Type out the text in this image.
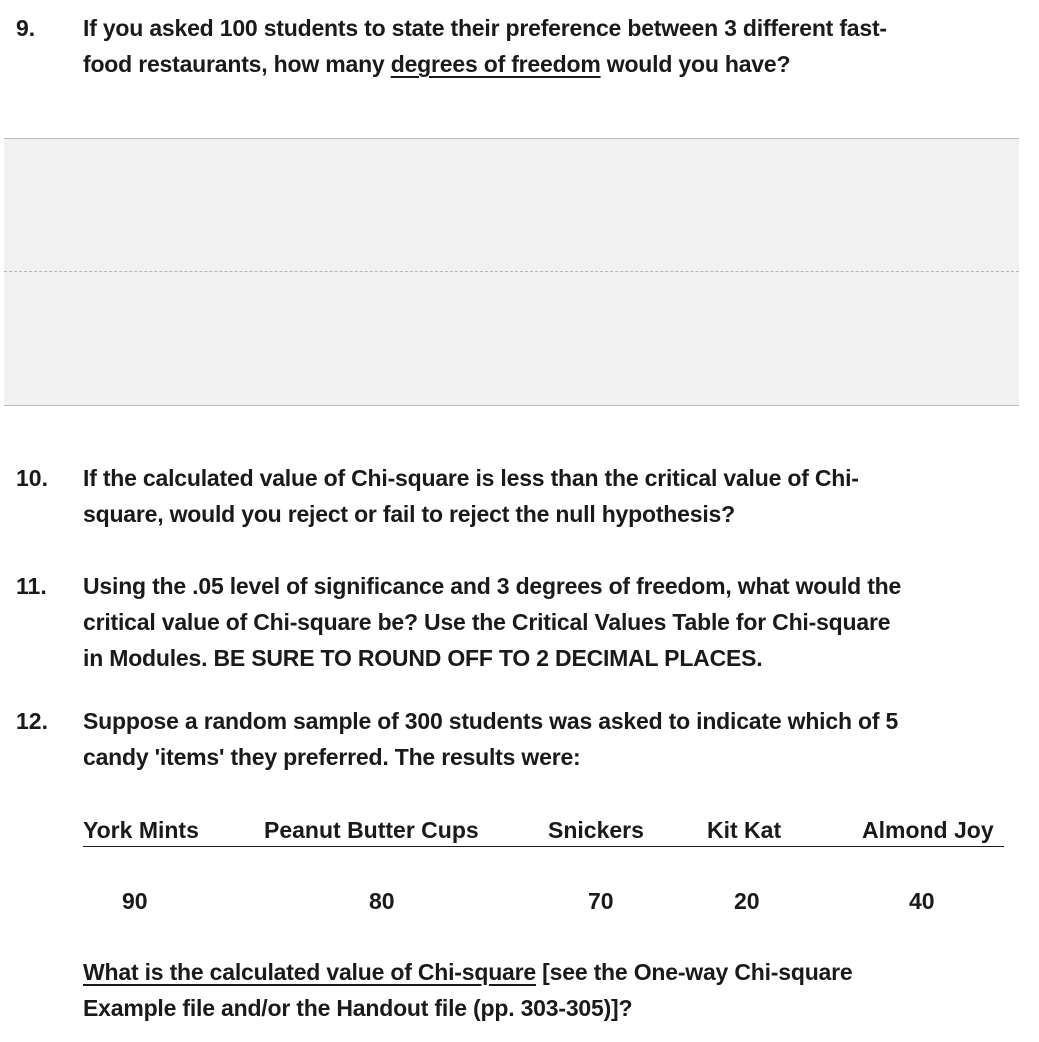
9. If you asked 100 students to state their preference between 3 different fast-
food restaurants, how many degrees of freedom would you have?
10. If the calculated value of Chi-square is less than the critical value of Chi-
square, would you reject or fail to reject the null hypothesis?
11. Using the .05 level of significance and 3 degrees of freedom, what would the
critical value of Chi-square be? Use the Critical Values Table for Chi-square
in Modules. BE SURE TO ROUND OFF TO 2 DECIMAL PLACES.
12. Suppose a random sample of 300 students was asked to indicate which of 5
candy 'items' they preferred. The results were:
York Mints	Peanut Butter Cups	Snickers	Kit Kat	Almond Joy
90	80	70	20	40
What is the calculated value of Chi-square [see the One-way Chi-square
Example file and/or the Handout file (pp. 303-305)]?
